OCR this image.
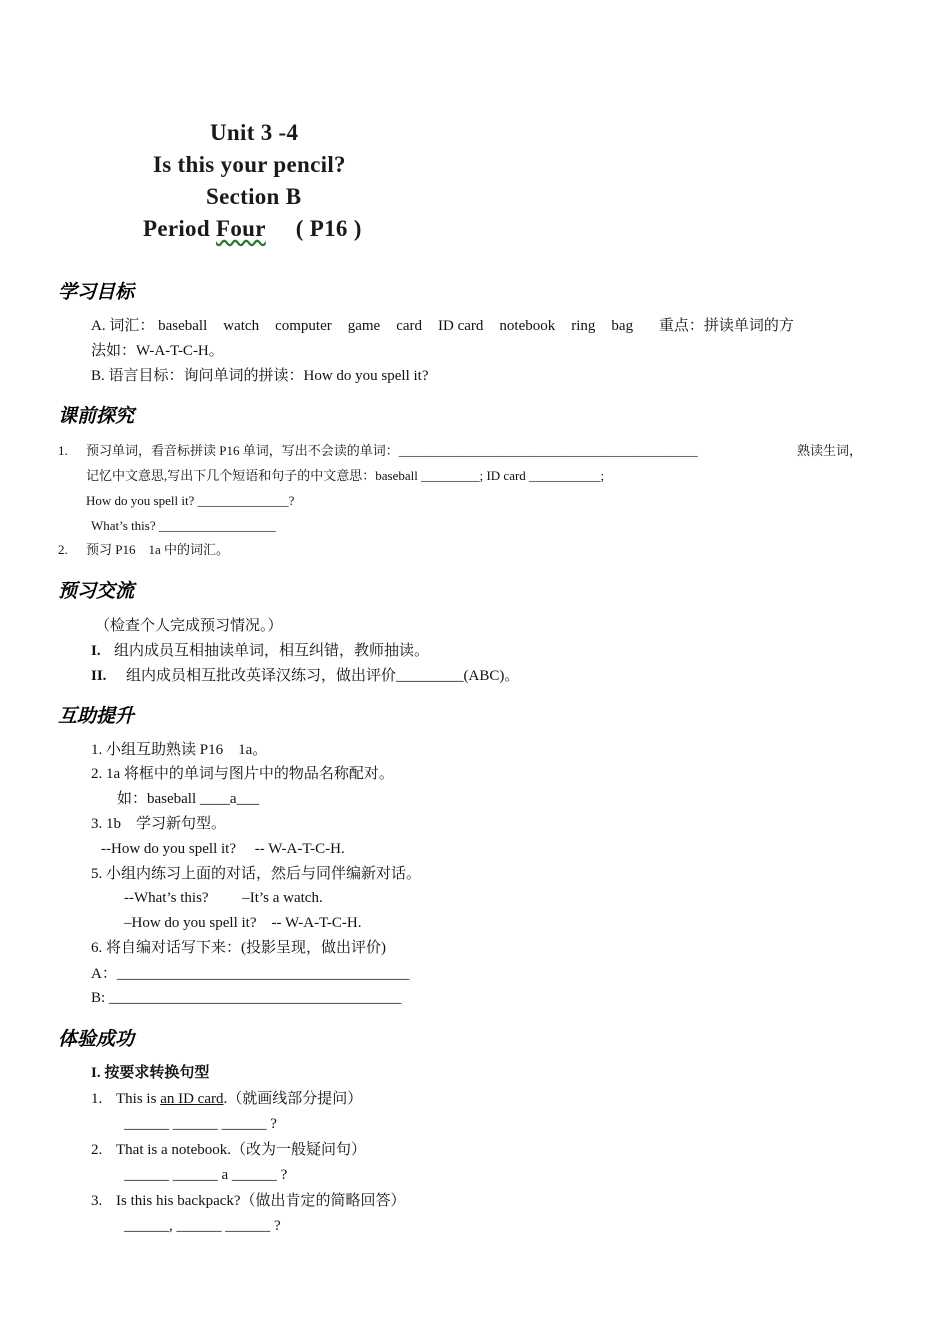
Unit 3 -4
Is this your pencil?
Section B
Period Four ( P16 )
学习目标
A. 词汇： baseball watch computer game card ID card notebook ring bag 重点：拼读单词的方
法如：W-A-T-C-H。
B. 语言目标：询问单词的拼读：How do you spell it?
课前探究
1. 预习单词，看音标拼读 P16 单词，写出不会读的单词：______________________________________________	熟读生词，
记忆中文意思,写出下几个短语和句子的中文意思：baseball _________; ID card ___________;
How do you spell it? ______________?
What’s this? __________________
2. 预习 P16　1a 中的词汇。
预习交流
（检查个人完成预习情况。）
I. 组内成员互相抽读单词，相互纠错，教师抽读。
II. 组内成员相互批改英译汉练习，做出评价_________(ABC)。
互助提升
1. 小组互助熟读 P16　1a。
2. 1a 将框中的单词与图片中的物品名称配对。
如：baseball ____a___
3. 1b　学习新句型。
--How do you spell it?　 -- W-A-T-C-H.
5. 小组内练习上面的对话，然后与同伴编新对话。
--What’s this?　　 –It’s a watch.
–How do you spell it?　-- W-A-T-C-H.
6. 将自编对话写下来：(投影呈现，做出评价)
A：_______________________________________
B: _______________________________________
体验成功
I. 按要求转换句型
1. This is an ID card.（就画线部分提问）
______ ______ ______ ?
2. That is a notebook.（改为一般疑问句）
______ ______ a ______ ?
3. Is this his backpack?（做出肯定的简略回答）
______, ______ ______ ?
